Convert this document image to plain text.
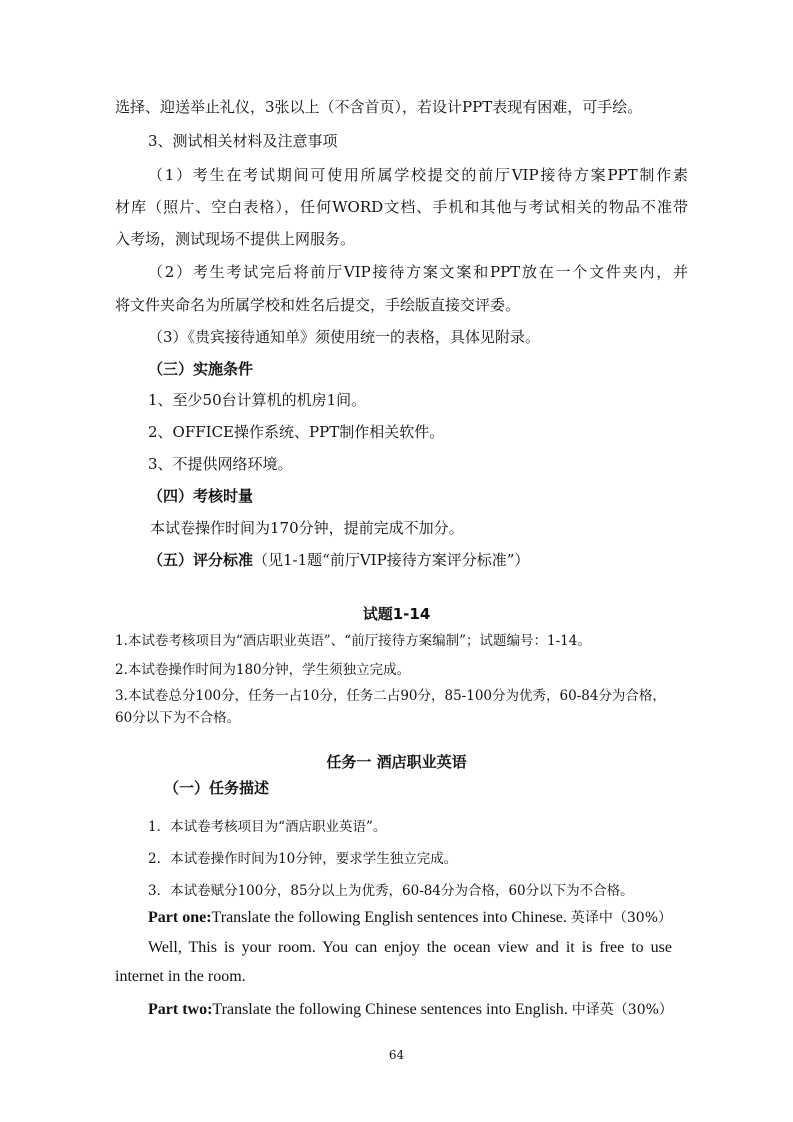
选择、迎送举止礼仪，3张以上（不含首页），若设计PPT表现有困难，可手绘。
3、测试相关材料及注意事项
（1）考生在考试期间可使用所属学校提交的前厅VIP接待方案PPT制作素
材库（照片、空白表格），任何WORD文档、手机和其他与考试相关的物品不准带
入考场，测试现场不提供上网服务。
（2）考生考试完后将前厅VIP接待方案文案和PPT放在一个文件夹内，并
将文件夹命名为所属学校和姓名后提交，手绘版直接交评委。
（3）《贵宾接待通知单》须使用统一的表格，具体见附录。
（三）实施条件
1、至少50台计算机的机房1间。
2、OFFICE操作系统、PPT制作相关软件。
3、不提供网络环境。
（四）考核时量
本试卷操作时间为170分钟，提前完成不加分。
（五）评分标准（见1-1题“前厅VIP接待方案评分标准”）
试题1-14
1.本试卷考核项目为“酒店职业英语”、“前厅接待方案编制”；试题编号：1-14。
2.本试卷操作时间为180分钟，学生须独立完成。
3.本试卷总分100分，任务一占10分，任务二占90分，85-100分为优秀，60-84分为合格，
60分以下为不合格。
任务一 酒店职业英语
（一）任务描述
1．本试卷考核项目为“酒店职业英语”。
2．本试卷操作时间为10分钟，要求学生独立完成。
3．本试卷赋分100分，85分以上为优秀，60-84分为合格，60分以下为不合格。
Part one:Translate the following English sentences into Chinese. 英译中（30%）
Well, This is your room. You can enjoy the ocean view and it is free to use
internet in the room.
Part two:Translate the following Chinese sentences into English. 中译英（30%）
64
